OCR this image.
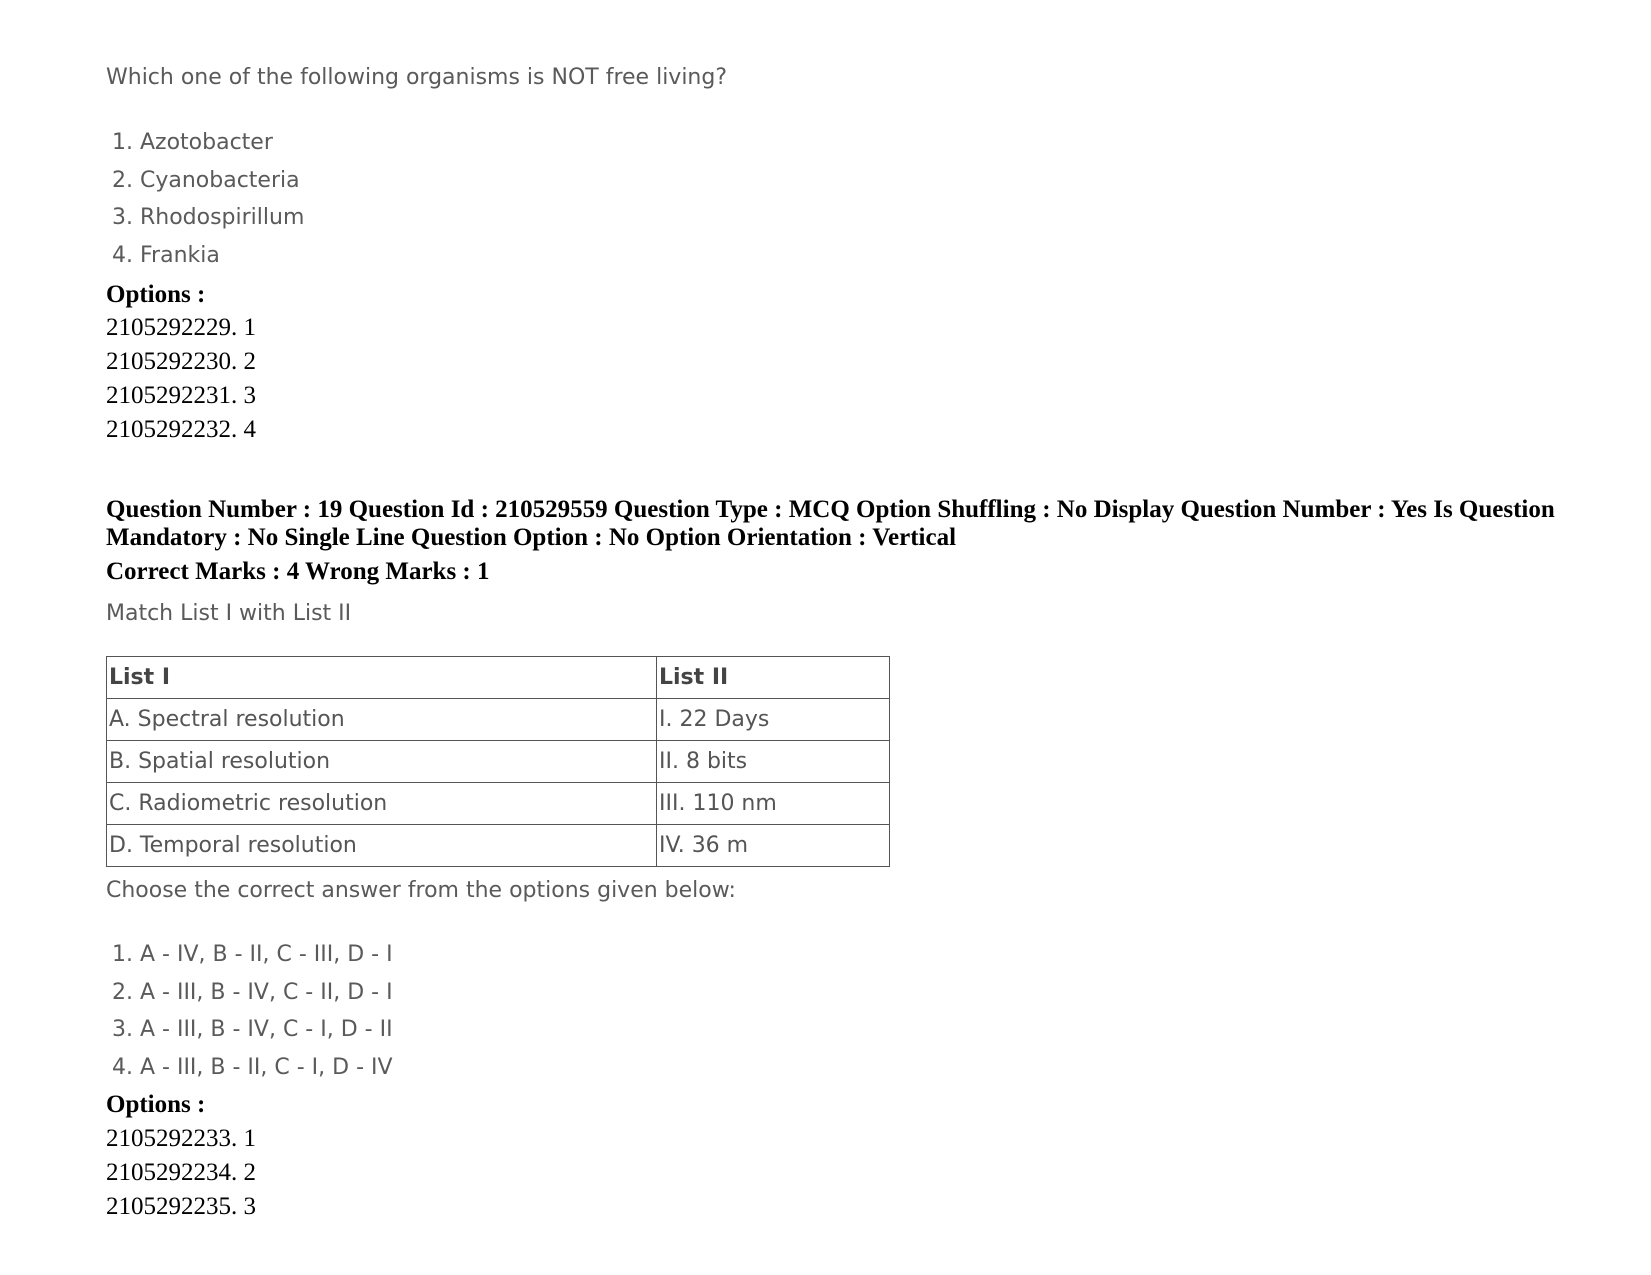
Which one of the following organisms is NOT free living?
1. Azotobacter
2. Cyanobacteria
3. Rhodospirillum
4. Frankia
Options :
2105292229. 1
2105292230. 2
2105292231. 3
2105292232. 4
Question Number : 19 Question Id : 210529559 Question Type : MCQ Option Shuffling : No Display Question Number : Yes Is Question
Mandatory : No Single Line Question Option : No Option Orientation : Vertical
Correct Marks : 4 Wrong Marks : 1
Match List I with List II
List I	List II
A. Spectral resolution	I. 22 Days
B. Spatial resolution	II. 8 bits
C. Radiometric resolution	III. 110 nm
D. Temporal resolution	IV. 36 m
Choose the correct answer from the options given below:
1. A - IV, B - II, C - III, D - I
2. A - III, B - IV, C - II, D - I
3. A - III, B - IV, C - I, D - II
4. A - III, B - II, C - I, D - IV
Options :
2105292233. 1
2105292234. 2
2105292235. 3
